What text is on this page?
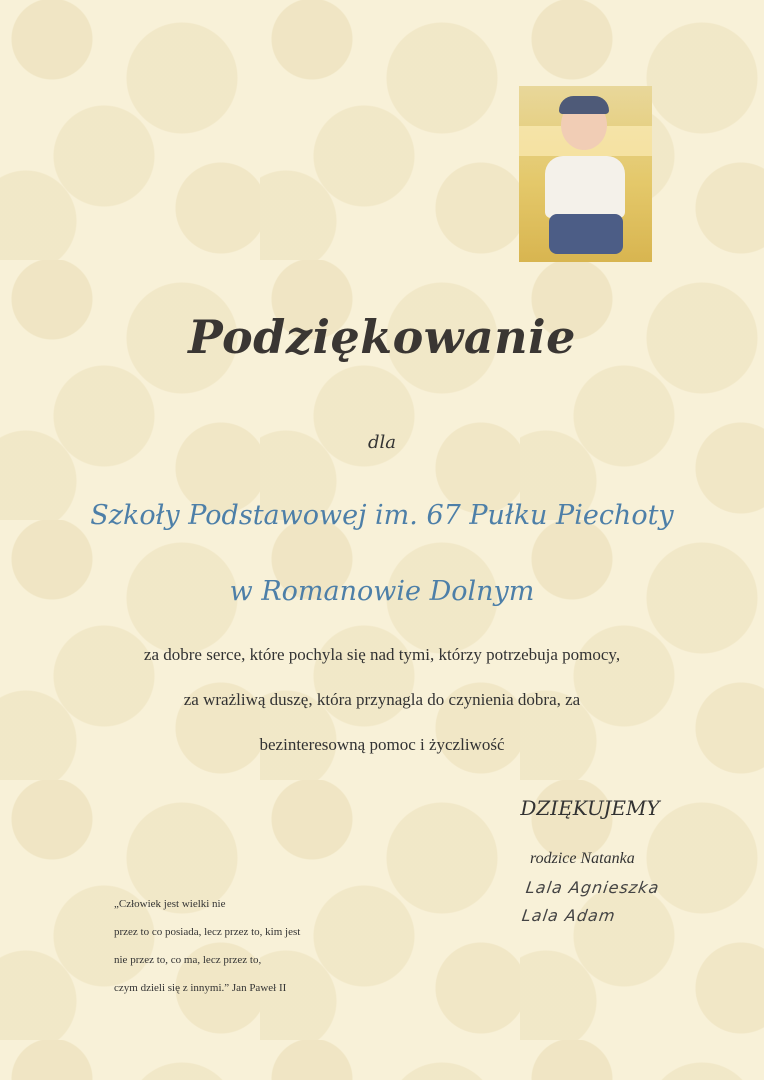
Podziękowanie
dla
Szkoły Podstawowej im. 67 Pułku Piechoty
w Romanowie Dolnym
za dobre serce, które pochyla się nad tymi, którzy potrzebuja pomocy,
za wrażliwą duszę, która przynagla do czynienia dobra, za
bezinteresowną pomoc i życzliwość
DZIĘKUJEMY
rodzice Natanka
Lala Agnieszka
Lala Adam
„Człowiek jest wielki nie
przez to co posiada, lecz przez to, kim jest
nie przez to, co ma, lecz przez to,
czym dzieli się z innymi.” Jan Paweł II
